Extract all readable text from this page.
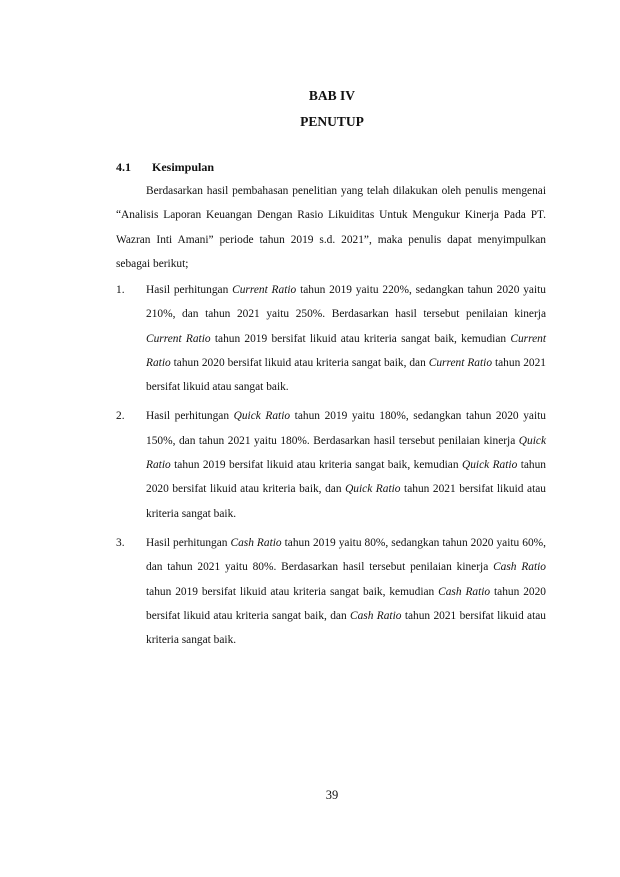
BAB IV
PENUTUP
4.1 Kesimpulan

Berdasarkan hasil pembahasan penelitian yang telah dilakukan oleh penulis mengenai “Analisis Laporan Keuangan Dengan Rasio Likuiditas Untuk Mengukur Kinerja Pada PT. Wazran Inti Amani” periode tahun 2019 s.d. 2021”, maka penulis dapat menyimpulkan sebagai berikut;

1. Hasil perhitungan Current Ratio tahun 2019 yaitu 220%, sedangkan tahun 2020 yaitu 210%, dan tahun 2021 yaitu 250%. Berdasarkan hasil tersebut penilaian kinerja Current Ratio tahun 2019 bersifat likuid atau kriteria sangat baik, kemudian Current Ratio tahun 2020 bersifat likuid atau kriteria sangat baik, dan Current Ratio tahun 2021 bersifat likuid atau sangat baik.
2. Hasil perhitungan Quick Ratio tahun 2019 yaitu 180%, sedangkan tahun 2020 yaitu 150%, dan tahun 2021 yaitu 180%. Berdasarkan hasil tersebut penilaian kinerja Quick Ratio tahun 2019 bersifat likuid atau kriteria sangat baik, kemudian Quick Ratio tahun 2020 bersifat likuid atau kriteria baik, dan Quick Ratio tahun 2021 bersifat likuid atau kriteria sangat baik.
3. Hasil perhitungan Cash Ratio tahun 2019 yaitu 80%, sedangkan tahun 2020 yaitu 60%, dan tahun 2021 yaitu 80%. Berdasarkan hasil tersebut penilaian kinerja Cash Ratio tahun 2019 bersifat likuid atau kriteria sangat baik, kemudian Cash Ratio tahun 2020 bersifat likuid atau kriteria sangat baik, dan Cash Ratio tahun 2021 bersifat likuid atau kriteria sangat baik.
39
